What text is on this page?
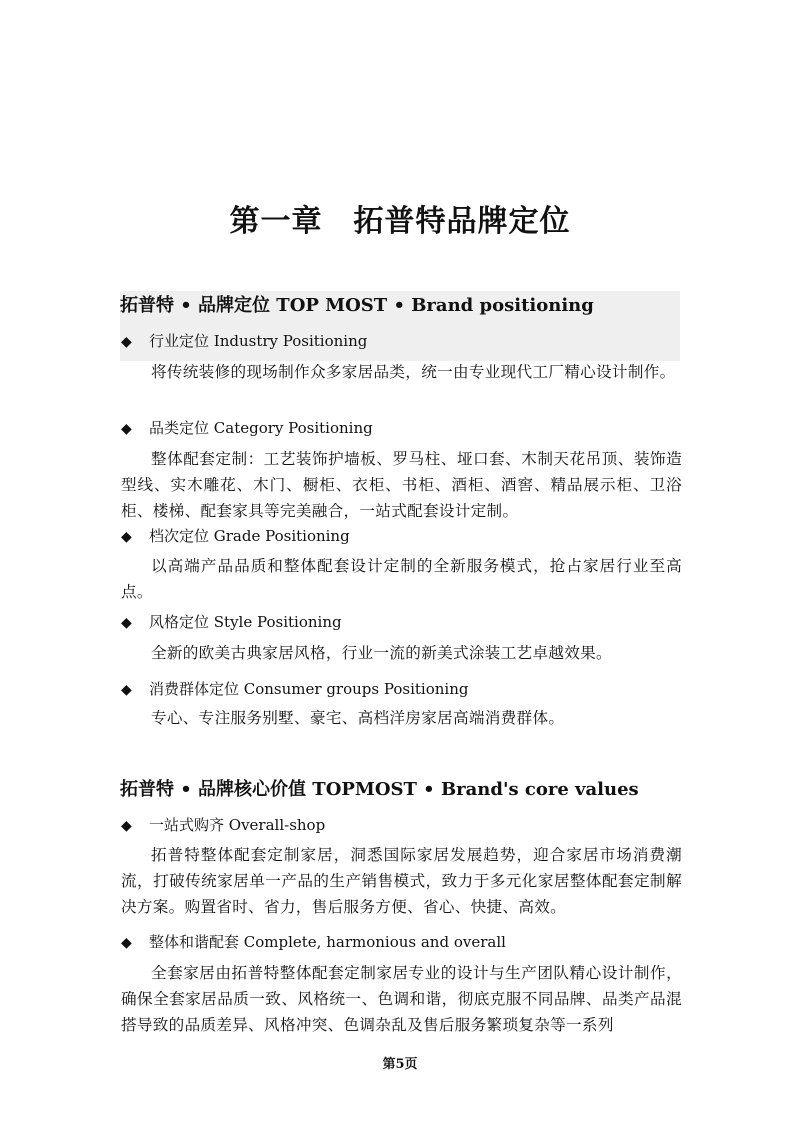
第一章　拓普特品牌定位
拓普特 • 品牌定位 TOP MOST • Brand positioning
◆ 行业定位 Industry Positioning

将传统装修的现场制作众多家居品类，统一由专业现代工厂精心设计制作。

◆ 品类定位 Category Positioning

整体配套定制：工艺装饰护墙板、罗马柱、垭口套、木制天花吊顶、装饰造型线、实木雕花、木门、橱柜、衣柜、书柜、酒柜、酒窖、精品展示柜、卫浴柜、楼梯、配套家具等完美融合，一站式配套设计定制。

◆ 档次定位 Grade Positioning

以高端产品品质和整体配套设计定制的全新服务模式，抢占家居行业至高点。

◆ 风格定位 Style Positioning

全新的欧美古典家居风格，行业一流的新美式涂装工艺卓越效果。

◆ 消费群体定位 Consumer groups Positioning

专心、专注服务别墅、豪宅、高档洋房家居高端消费群体。

拓普特 • 品牌核心价值 TOPMOST • Brand's core values
◆ 一站式购齐 Overall-shop

拓普特整体配套定制家居，洞悉国际家居发展趋势，迎合家居市场消费潮流，打破传统家居单一产品的生产销售模式，致力于多元化家居整体配套定制解决方案。购置省时、省力，售后服务方便、省心、快捷、高效。

◆ 整体和谐配套 Complete, harmonious and overall

全套家居由拓普特整体配套定制家居专业的设计与生产团队精心设计制作，确保全套家居品质一致、风格统一、色调和谐，彻底克服不同品牌、品类产品混搭导致的品质差异、风格冲突、色调杂乱及售后服务繁琐复杂等一系列

第5页
